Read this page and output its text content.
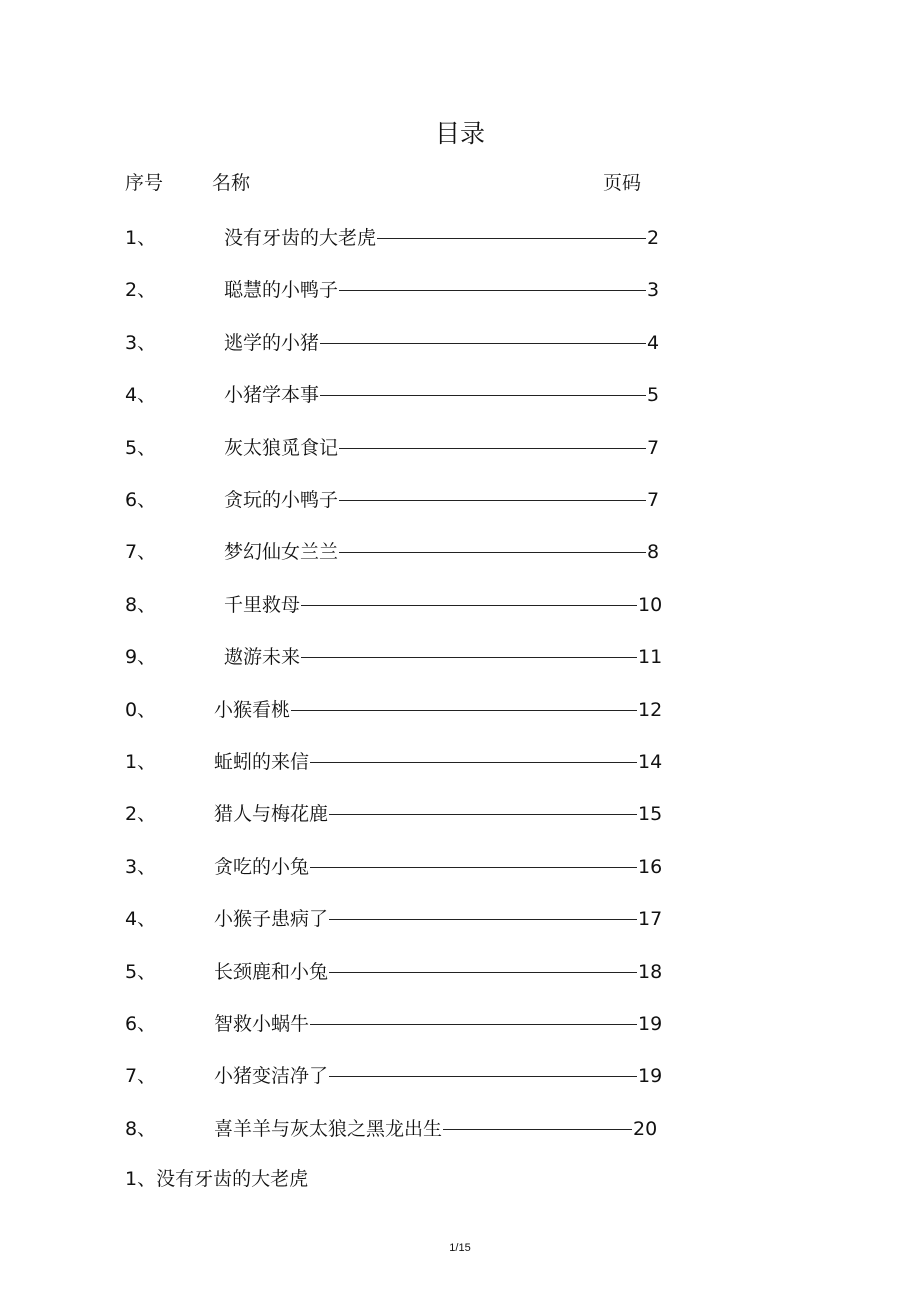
目录
序号	名称	页码
1、	没有牙齿的大老虎	2
2、	聪慧的小鸭子	3
3、	逃学的小猪	4
4、	小猪学本事	5
5、	灰太狼觅食记	7
6、	贪玩的小鸭子	7
7、	梦幻仙女兰兰	8
8、	千里救母	10
9、	遨游未来	11
0、	小猴看桃	12
1、	蚯蚓的来信	14
2、	猎人与梅花鹿	15
3、	贪吃的小兔	16
4、	小猴子患病了	17
5、	长颈鹿和小兔	18
6、	智救小蜗牛	19
7、	小猪变洁净了	19
8、	喜羊羊与灰太狼之黑龙出生	20
1、没有牙齿的大老虎
1/15
